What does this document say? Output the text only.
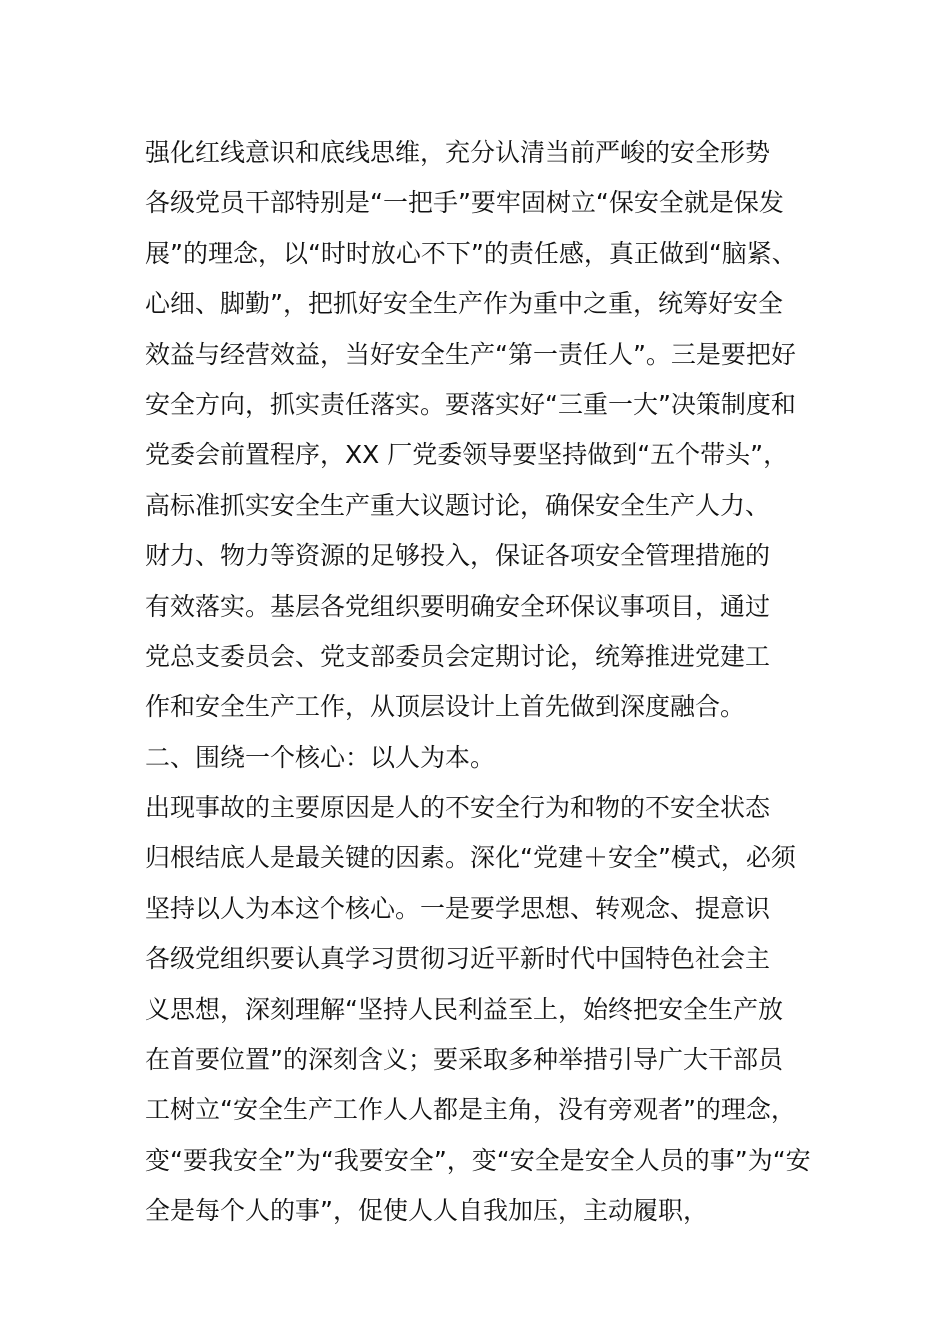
强化红线意识和底线思维，充分认清当前严峻的安全形势
各级党员干部特别是“一把手”要牢固树立“保安全就是保发
展”的理念，以“时时放心不下”的责任感，真正做到“脑紧、
心细、脚勤”，把抓好安全生产作为重中之重，统筹好安全
效益与经营效益，当好安全生产“第一责任人”。三是要把好
安全方向，抓实责任落实。要落实好“三重一大”决策制度和
党委会前置程序，XX 厂党委领导要坚持做到“五个带头”，
高标准抓实安全生产重大议题讨论，确保安全生产人力、
财力、物力等资源的足够投入，保证各项安全管理措施的
有效落实。基层各党组织要明确安全环保议事项目，通过
党总支委员会、党支部委员会定期讨论，统筹推进党建工
作和安全生产工作，从顶层设计上首先做到深度融合。
二、围绕一个核心：以人为本。
出现事故的主要原因是人的不安全行为和物的不安全状态
归根结底人是最关键的因素。深化“党建＋安全”模式，必须
坚持以人为本这个核心。一是要学思想、转观念、提意识
各级党组织要认真学习贯彻习近平新时代中国特色社会主
义思想，深刻理解“坚持人民利益至上，始终把安全生产放
在首要位置”的深刻含义；要采取多种举措引导广大干部员
工树立“安全生产工作人人都是主角，没有旁观者”的理念，
变“要我安全”为“我要安全”，变“安全是安全人员的事”为“安
全是每个人的事”，促使人人自我加压，主动履职，
